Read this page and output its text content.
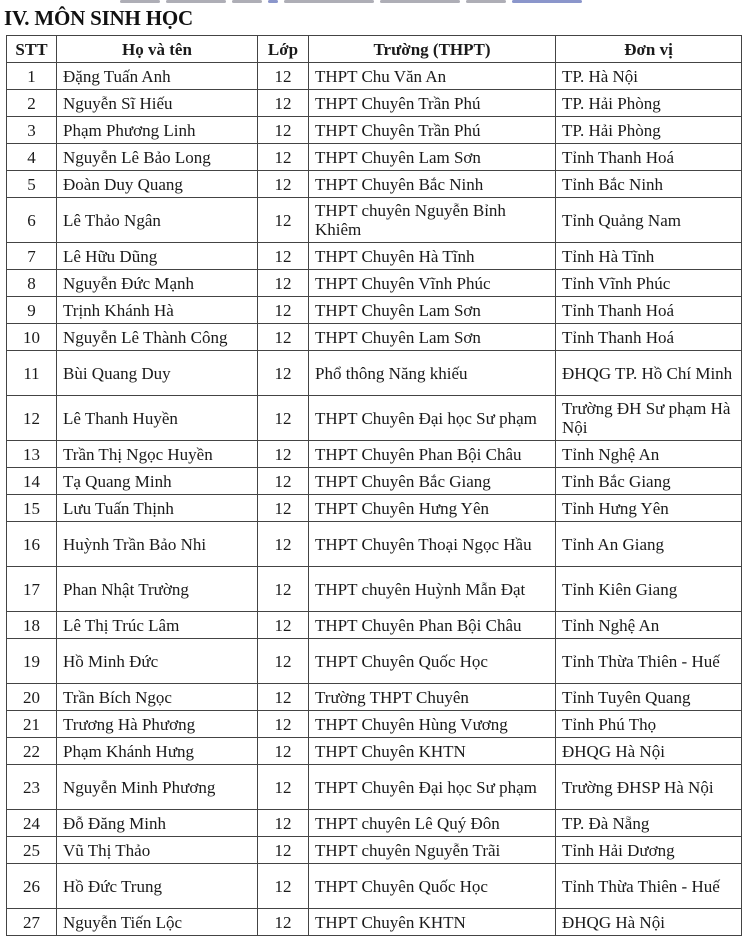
IV. MÔN SINH HỌC
STT	Họ và tên	Lớp	Trường (THPT)	Đơn vị
1	Đặng Tuấn Anh	12	THPT Chu Văn An	TP. Hà Nội
2	Nguyễn Sĩ Hiếu	12	THPT Chuyên Trần Phú	TP. Hải Phòng
3	Phạm Phương Linh	12	THPT Chuyên Trần Phú	TP. Hải Phòng
4	Nguyễn Lê Bảo Long	12	THPT Chuyên Lam Sơn	Tỉnh Thanh Hoá
5	Đoàn Duy Quang	12	THPT Chuyên Bắc Ninh	Tỉnh Bắc Ninh
6	Lê Thảo Ngân	12	THPT chuyên Nguyễn Bỉnh Khiêm	Tỉnh Quảng Nam
7	Lê Hữu Dũng	12	THPT Chuyên Hà Tĩnh	Tỉnh Hà Tĩnh
8	Nguyễn Đức Mạnh	12	THPT Chuyên Vĩnh Phúc	Tỉnh Vĩnh Phúc
9	Trịnh Khánh Hà	12	THPT Chuyên Lam Sơn	Tỉnh Thanh Hoá
10	Nguyễn Lê Thành Công	12	THPT Chuyên Lam Sơn	Tỉnh Thanh Hoá
11	Bùi Quang Duy	12	Phổ thông Năng khiếu	ĐHQG TP. Hồ Chí Minh
12	Lê Thanh Huyền	12	THPT Chuyên Đại học Sư phạm	Trường ĐH Sư phạm Hà Nội
13	Trần Thị Ngọc Huyền	12	THPT Chuyên Phan Bội Châu	Tỉnh Nghệ An
14	Tạ Quang Minh	12	THPT Chuyên Bắc Giang	Tỉnh Bắc Giang
15	Lưu Tuấn Thịnh	12	THPT Chuyên Hưng Yên	Tỉnh Hưng Yên
16	Huỳnh Trần Bảo Nhi	12	THPT Chuyên Thoại Ngọc Hầu	Tỉnh An Giang
17	Phan Nhật Trường	12	THPT chuyên Huỳnh Mẫn Đạt	Tỉnh Kiên Giang
18	Lê Thị Trúc Lâm	12	THPT Chuyên Phan Bội Châu	Tỉnh Nghệ An
19	Hồ Minh Đức	12	THPT Chuyên Quốc Học	Tỉnh Thừa Thiên - Huế
20	Trần Bích Ngọc	12	Trường THPT Chuyên	Tỉnh Tuyên Quang
21	Trương Hà Phương	12	THPT Chuyên Hùng Vương	Tỉnh Phú Thọ
22	Phạm Khánh Hưng	12	THPT Chuyên KHTN	ĐHQG Hà Nội
23	Nguyễn Minh Phương	12	THPT Chuyên Đại học Sư phạm	Trường ĐHSP Hà Nội
24	Đỗ Đăng Minh	12	THPT chuyên Lê Quý Đôn	TP. Đà Nẵng
25	Vũ Thị Thảo	12	THPT chuyên Nguyễn Trãi	Tỉnh Hải Dương
26	Hồ Đức Trung	12	THPT Chuyên Quốc Học	Tỉnh Thừa Thiên - Huế
27	Nguyễn Tiến Lộc	12	THPT Chuyên KHTN	ĐHQG Hà Nội
